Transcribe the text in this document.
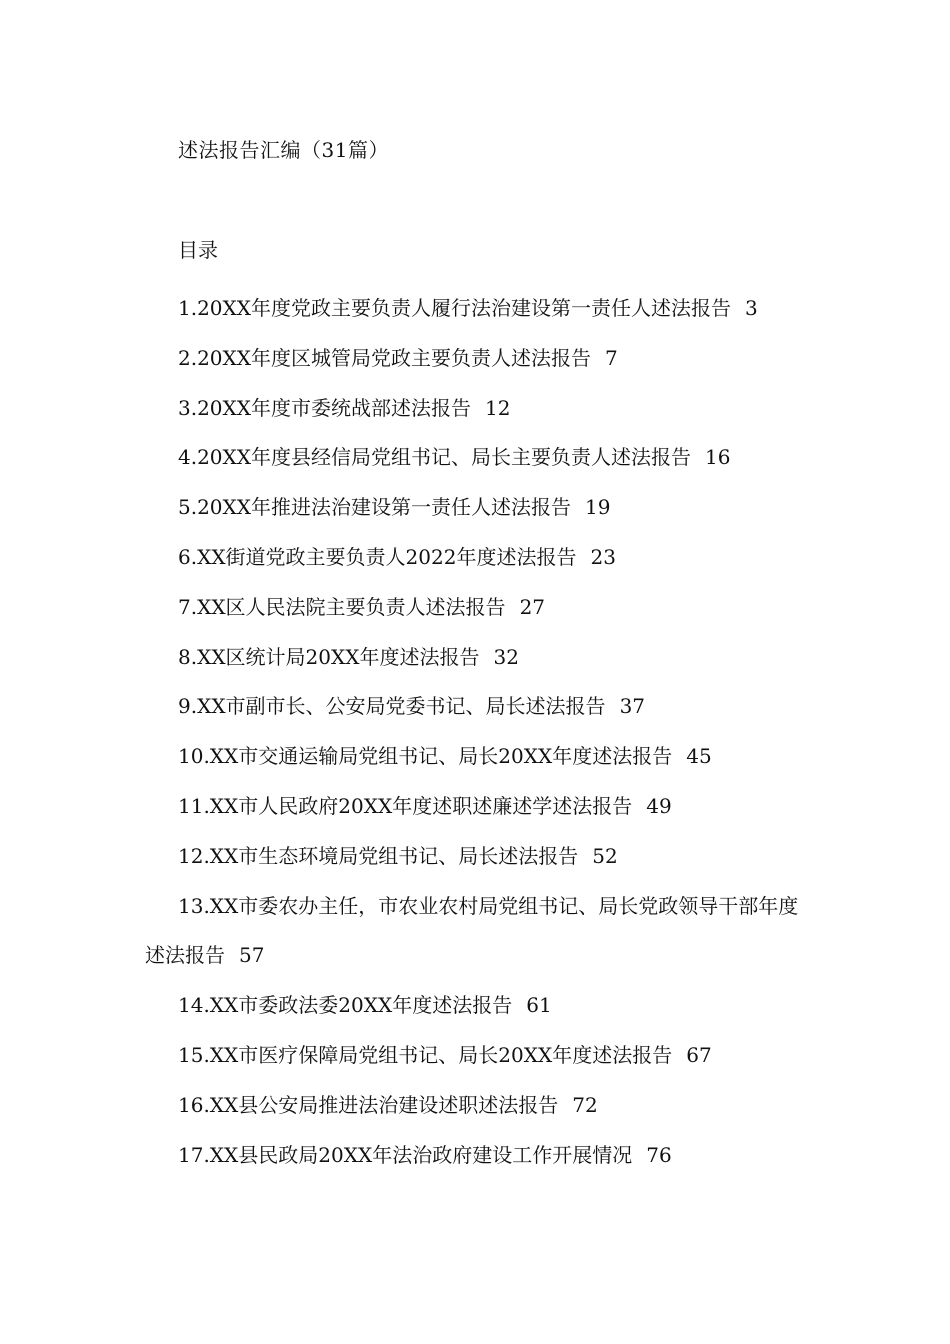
述法报告汇编（31篇）
目录
1.20XX年度党政主要负责人履行法治建设第一责任人述法报告 3
2.20XX年度区城管局党政主要负责人述法报告 7
3.20XX年度市委统战部述法报告 12
4.20XX年度县经信局党组书记、局长主要负责人述法报告 16
5.20XX年推进法治建设第一责任人述法报告 19
6.XX街道党政主要负责人2022年度述法报告 23
7.XX区人民法院主要负责人述法报告 27
8.XX区统计局20XX年度述法报告 32
9.XX市副市长、公安局党委书记、局长述法报告 37
10.XX市交通运输局党组书记、局长20XX年度述法报告 45
11.XX市人民政府20XX年度述职述廉述学述法报告 49
12.XX市生态环境局党组书记、局长述法报告 52
13.XX市委农办主任，市农业农村局党组书记、局长党政领导干部年度述法报告 57
14.XX市委政法委20XX年度述法报告 61
15.XX市医疗保障局党组书记、局长20XX年度述法报告 67
16.XX县公安局推进法治建设述职述法报告 72
17.XX县民政局20XX年法治政府建设工作开展情况 76
